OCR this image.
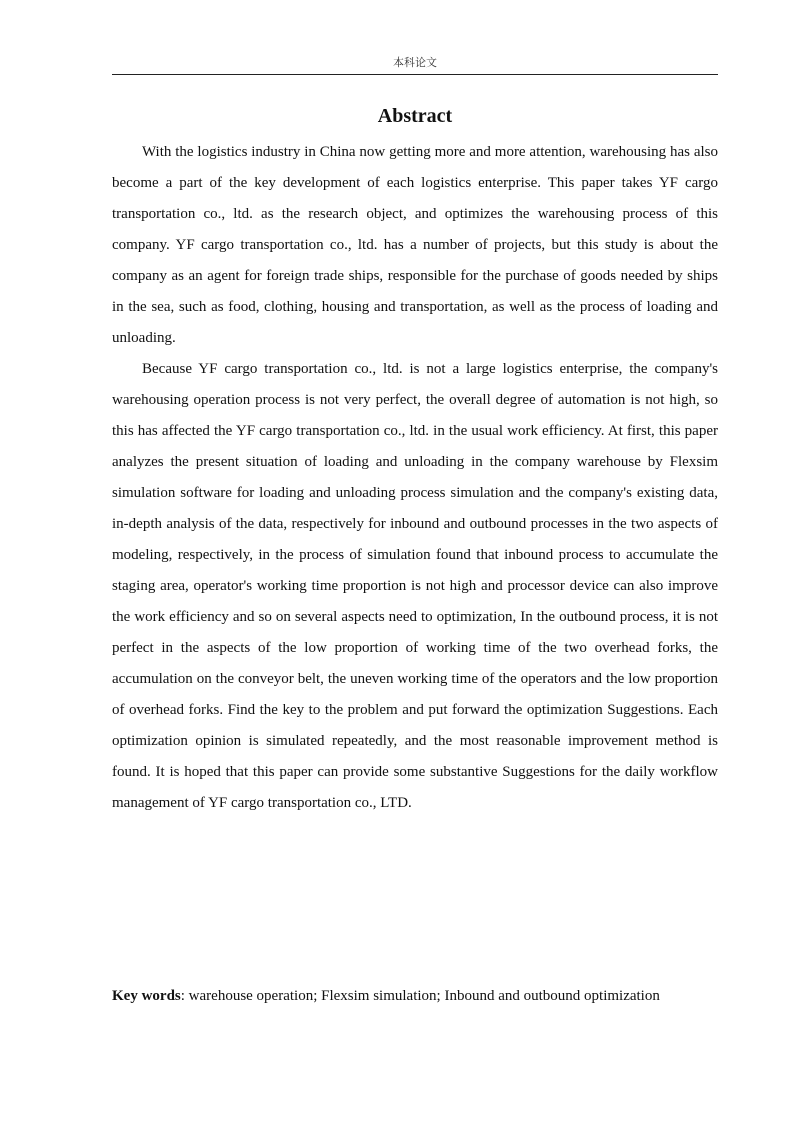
本科论文
Abstract

With the logistics industry in China now getting more and more attention, warehousing has also become a part of the key development of each logistics enterprise. This paper takes YF cargo transportation co., ltd. as the research object, and optimizes the warehousing process of this company. YF cargo transportation co., ltd. has a number of projects, but this study is about the company as an agent for foreign trade ships, responsible for the purchase of goods needed by ships in the sea, such as food, clothing, housing and transportation, as well as the process of loading and unloading.

Because YF cargo transportation co., ltd. is not a large logistics enterprise, the company's warehousing operation process is not very perfect, the overall degree of automation is not high, so this has affected the YF cargo transportation co., ltd. in the usual work efficiency. At first, this paper analyzes the present situation of loading and unloading in the company warehouse by Flexsim simulation software for loading and unloading process simulation and the company's existing data, in-depth analysis of the data, respectively for inbound and outbound processes in the two aspects of modeling, respectively, in the process of simulation found that inbound process to accumulate the staging area, operator's working time proportion is not high and processor device can also improve the work efficiency and so on several aspects need to optimization, In the outbound process, it is not perfect in the aspects of the low proportion of working time of the two overhead forks, the accumulation on the conveyor belt, the uneven working time of the operators and the low proportion of overhead forks. Find the key to the problem and put forward the optimization Suggestions. Each optimization opinion is simulated repeatedly, and the most reasonable improvement method is found. It is hoped that this paper can provide some substantive Suggestions for the daily workflow management of YF cargo transportation co., LTD.

Key words: warehouse operation; Flexsim simulation; Inbound and outbound optimization
